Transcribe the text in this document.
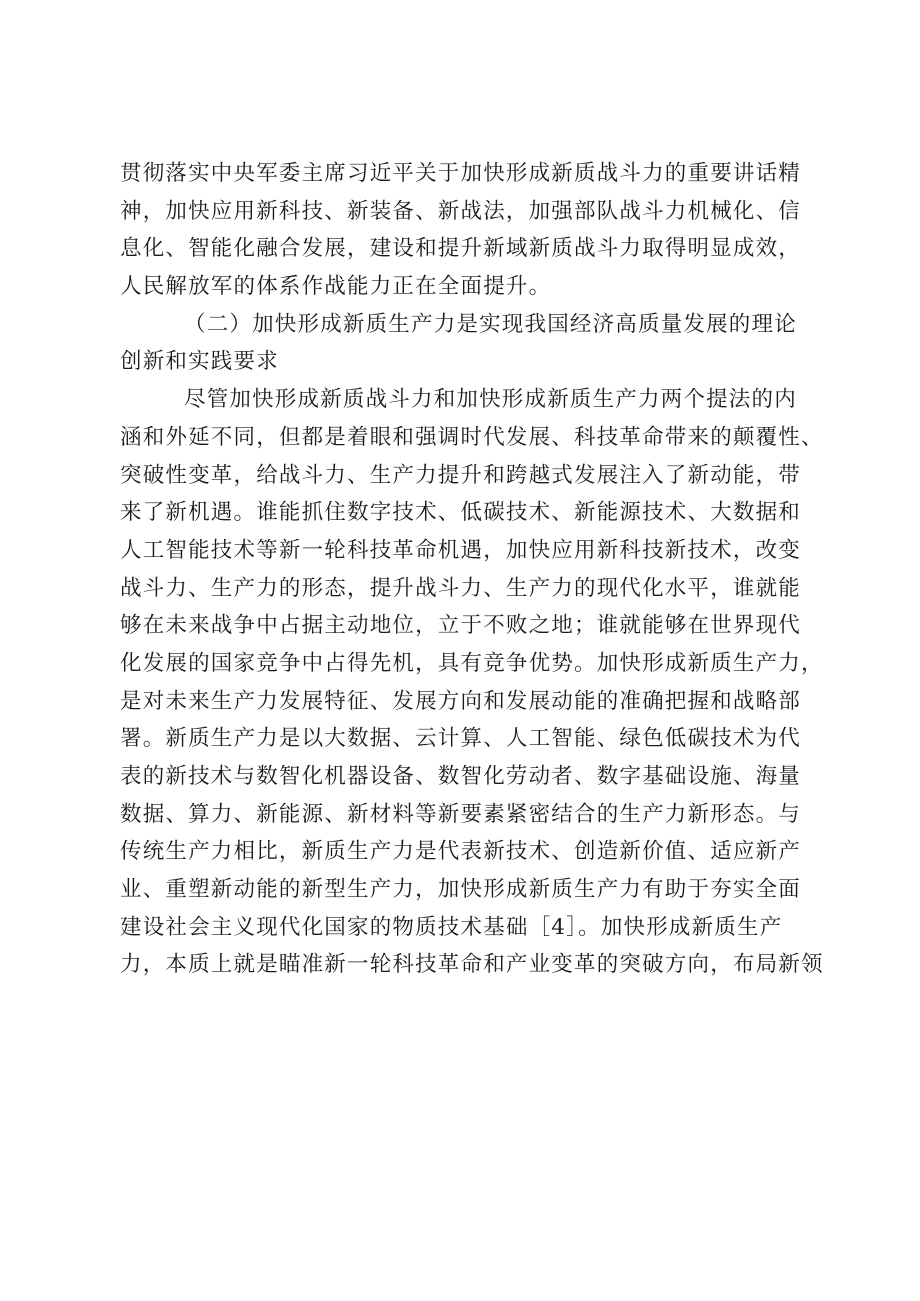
贯彻落实中央军委主席习近平关于加快形成新质战斗力的重要讲话精
神，加快应用新科技、新装备、新战法，加强部队战斗力机械化、信
息化、智能化融合发展，建设和提升新域新质战斗力取得明显成效，
人民解放军的体系作战能力正在全面提升。
（二）加快形成新质生产力是实现我国经济高质量发展的理论
创新和实践要求
尽管加快形成新质战斗力和加快形成新质生产力两个提法的内
涵和外延不同，但都是着眼和强调时代发展、科技革命带来的颠覆性、
突破性变革，给战斗力、生产力提升和跨越式发展注入了新动能，带
来了新机遇。谁能抓住数字技术、低碳技术、新能源技术、大数据和
人工智能技术等新一轮科技革命机遇，加快应用新科技新技术，改变
战斗力、生产力的形态，提升战斗力、生产力的现代化水平，谁就能
够在未来战争中占据主动地位，立于不败之地；谁就能够在世界现代
化发展的国家竞争中占得先机，具有竞争优势。加快形成新质生产力，
是对未来生产力发展特征、发展方向和发展动能的准确把握和战略部
署。新质生产力是以大数据、云计算、人工智能、绿色低碳技术为代
表的新技术与数智化机器设备、数智化劳动者、数字基础设施、海量
数据、算力、新能源、新材料等新要素紧密结合的生产力新形态。与
传统生产力相比，新质生产力是代表新技术、创造新价值、适应新产
业、重塑新动能的新型生产力，加快形成新质生产力有助于夯实全面
建设社会主义现代化国家的物质技术基础［4］。加快形成新质生产
力，本质上就是瞄准新一轮科技革命和产业变革的突破方向，布局新领
